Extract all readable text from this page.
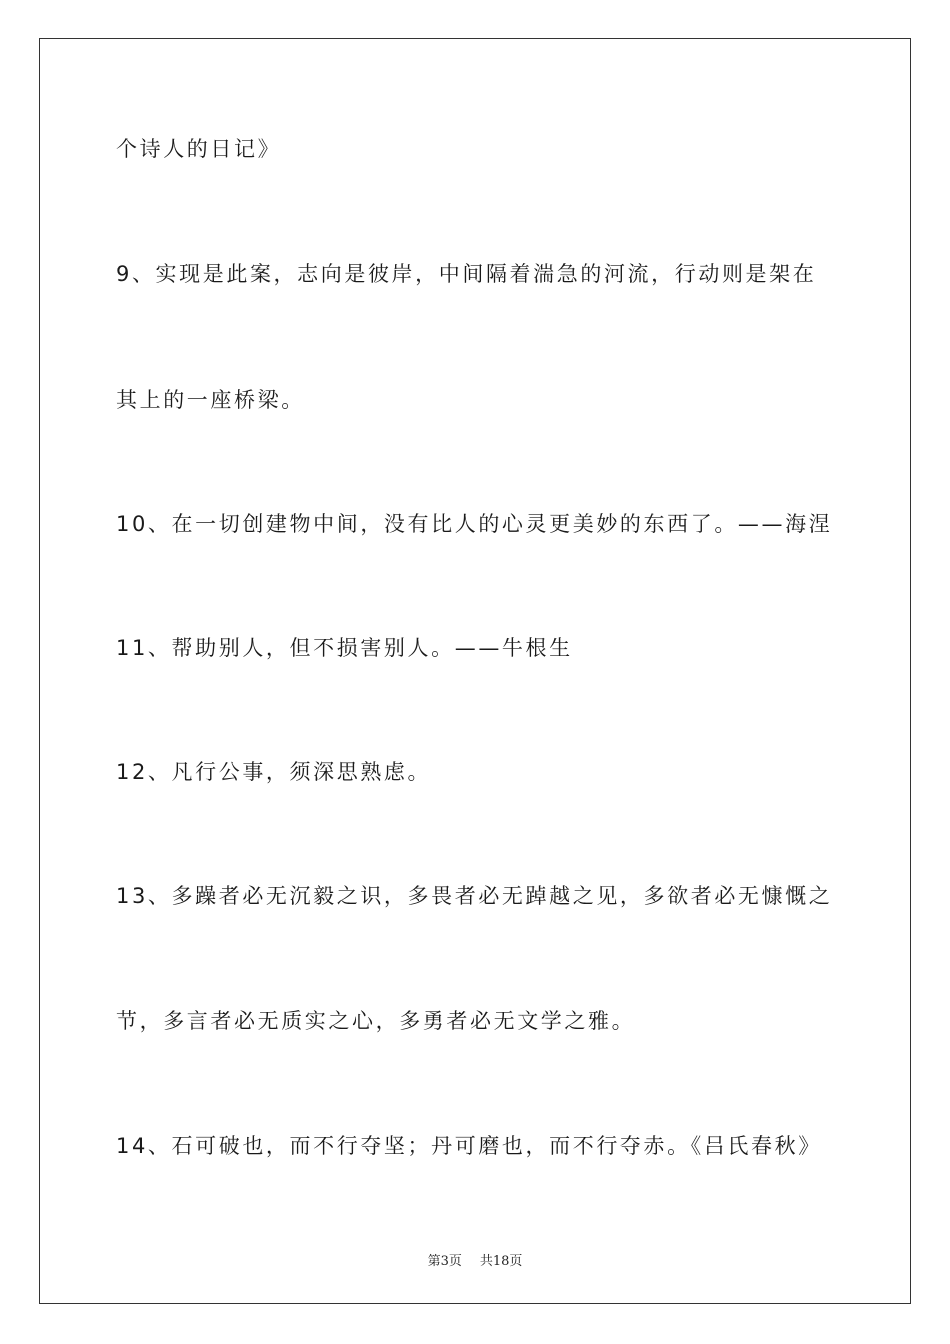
个诗人的日记》

9、实现是此案，志向是彼岸，中间隔着湍急的河流，行动则是架在

其上的一座桥梁。

10、在一切创建物中间，没有比人的心灵更美妙的东西了。——海涅

11、帮助别人，但不损害别人。——牛根生

12、凡行公事，须深思熟虑。

13、多躁者必无沉毅之识，多畏者必无踔越之见，多欲者必无慷慨之

节，多言者必无质实之心，多勇者必无文学之雅。

14、石可破也，而不行夺坚；丹可磨也，而不行夺赤。《吕氏春秋》

第3页 共18页
